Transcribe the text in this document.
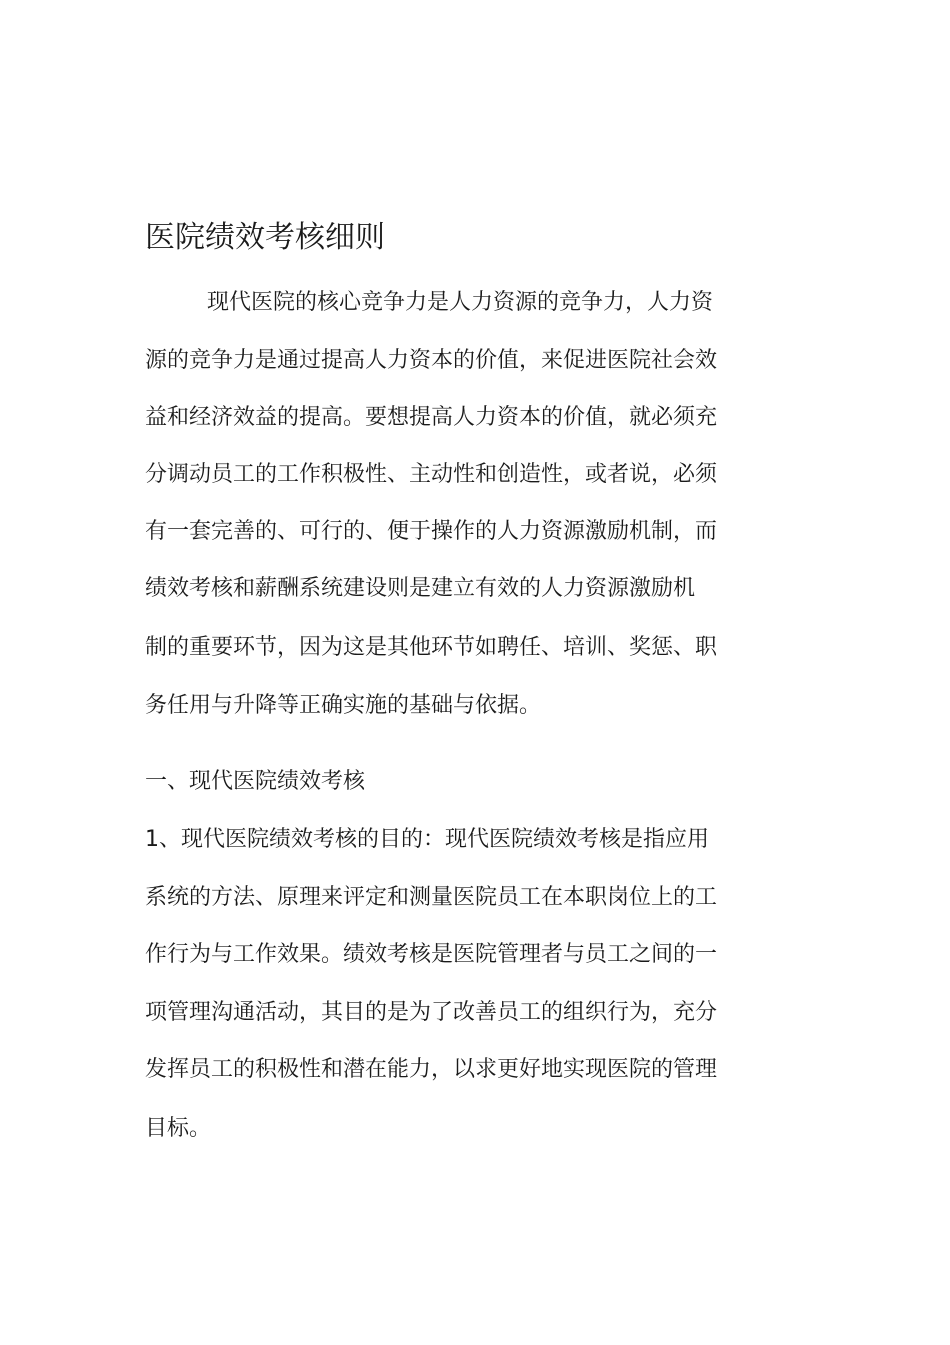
医院绩效考核细则
现代医院的核心竞争力是人力资源的竞争力，人力资
源的竞争力是通过提高人力资本的价值，来促进医院社会效
益和经济效益的提高。要想提高人力资本的价值，就必须充
分调动员工的工作积极性、主动性和创造性，或者说，必须
有一套完善的、可行的、便于操作的人力资源激励机制，而
绩效考核和薪酬系统建设则是建立有效的人力资源激励机
制的重要环节，因为这是其他环节如聘任、培训、奖惩、职
务任用与升降等正确实施的基础与依据。
一、现代医院绩效考核
1、现代医院绩效考核的目的：现代医院绩效考核是指应用
系统的方法、原理来评定和测量医院员工在本职岗位上的工
作行为与工作效果。绩效考核是医院管理者与员工之间的一
项管理沟通活动，其目的是为了改善员工的组织行为，充分
发挥员工的积极性和潜在能力，以求更好地实现医院的管理
目标。
